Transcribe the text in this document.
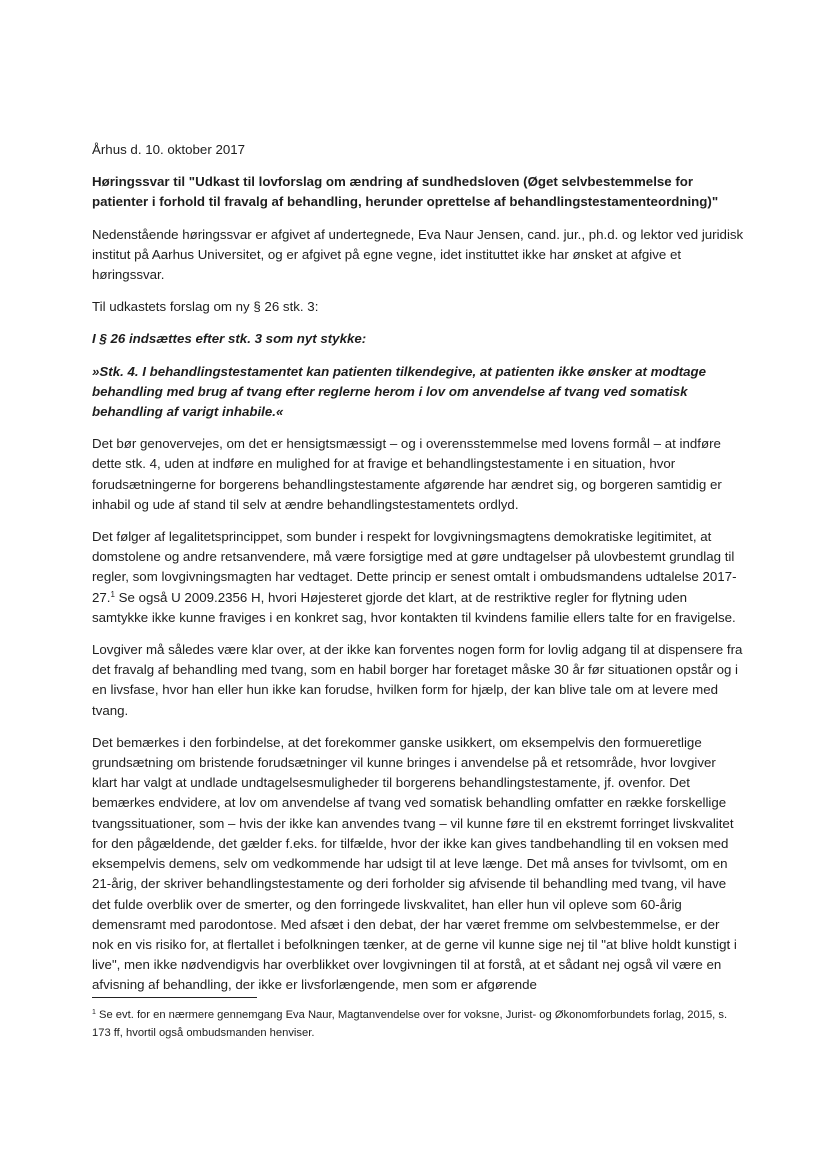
Århus d. 10. oktober 2017

Høringssvar til "Udkast til lovforslag om ændring af sundhedsloven (Øget selvbestemmelse for patienter i forhold til fravalg af behandling, herunder oprettelse af behandlingstestamenteordning)"

Nedenstående høringssvar er afgivet af undertegnede, Eva Naur Jensen, cand. jur., ph.d. og lektor ved juridisk institut på Aarhus Universitet, og er afgivet på egne vegne, idet instituttet ikke har ønsket at afgive et høringssvar.

Til udkastets forslag om ny § 26 stk. 3:

I § 26 indsættes efter stk. 3 som nyt stykke:

»Stk. 4. I behandlingstestamentet kan patienten tilkendegive, at patienten ikke ønsker at modtage behandling med brug af tvang efter reglerne herom i lov om anvendelse af tvang ved somatisk behandling af varigt inhabile.«

Det bør genovervejes, om det er hensigtsmæssigt – og i overensstemmelse med lovens formål – at indføre dette stk. 4, uden at indføre en mulighed for at fravige et behandlingstestamente i en situation, hvor forudsætningerne for borgerens behandlingstestamente afgørende har ændret sig, og borgeren samtidig er inhabil og ude af stand til selv at ændre behandlingstestamentets ordlyd.

Det følger af legalitetsprincippet, som bunder i respekt for lovgivningsmagtens demokratiske legitimitet, at domstolene og andre retsanvendere, må være forsigtige med at gøre undtagelser på ulovbestemt grundlag til regler, som lovgivningsmagten har vedtaget. Dette princip er senest omtalt i ombudsmandens udtalelse 2017-27.$^1$ Se også U 2009.2356 H, hvori Højesteret gjorde det klart, at de restriktive regler for flytning uden samtykke ikke kunne fraviges i en konkret sag, hvor kontakten til kvindens familie ellers talte for en fravigelse.

Lovgiver må således være klar over, at der ikke kan forventes nogen form for lovlig adgang til at dispensere fra det fravalg af behandling med tvang, som en habil borger har foretaget måske 30 år før situationen opstår og i en livsfase, hvor han eller hun ikke kan forudse, hvilken form for hjælp, der kan blive tale om at levere med tvang.

Det bemærkes i den forbindelse, at det forekommer ganske usikkert, om eksempelvis den formueretlige grundsætning om bristende forudsætninger vil kunne bringes i anvendelse på et retsområde, hvor lovgiver klart har valgt at undlade undtagelsesmuligheder til borgerens behandlingstestamente, jf. ovenfor. Det bemærkes endvidere, at lov om anvendelse af tvang ved somatisk behandling omfatter en række forskellige tvangssituationer, som – hvis der ikke kan anvendes tvang – vil kunne føre til en ekstremt forringet livskvalitet for den pågældende, det gælder f.eks. for tilfælde, hvor der ikke kan gives tandbehandling til en voksen med eksempelvis demens, selv om vedkommende har udsigt til at leve længe. Det må anses for tvivlsomt, om en 21-årig, der skriver behandlingstestamente og deri forholder sig afvisende til behandling med tvang, vil have det fulde overblik over de smerter, og den forringede livskvalitet, han eller hun vil opleve som 60-årig demensramt med parodontose. Med afsæt i den debat, der har været fremme om selvbestemmelse, er der nok en vis risiko for, at flertallet i befolkningen tænker, at de gerne vil kunne sige nej til "at blive holdt kunstigt i live", men ikke nødvendigvis har overblikket over lovgivningen til at forstå, at et sådant nej også vil være en afvisning af behandling, der ikke er livsforlængende, men som er afgørende

$^1$ Se evt. for en nærmere gennemgang Eva Naur, Magtanvendelse over for voksne, Jurist- og Økonomforbundets forlag, 2015, s. 173 ff, hvortil også ombudsmanden henviser.
